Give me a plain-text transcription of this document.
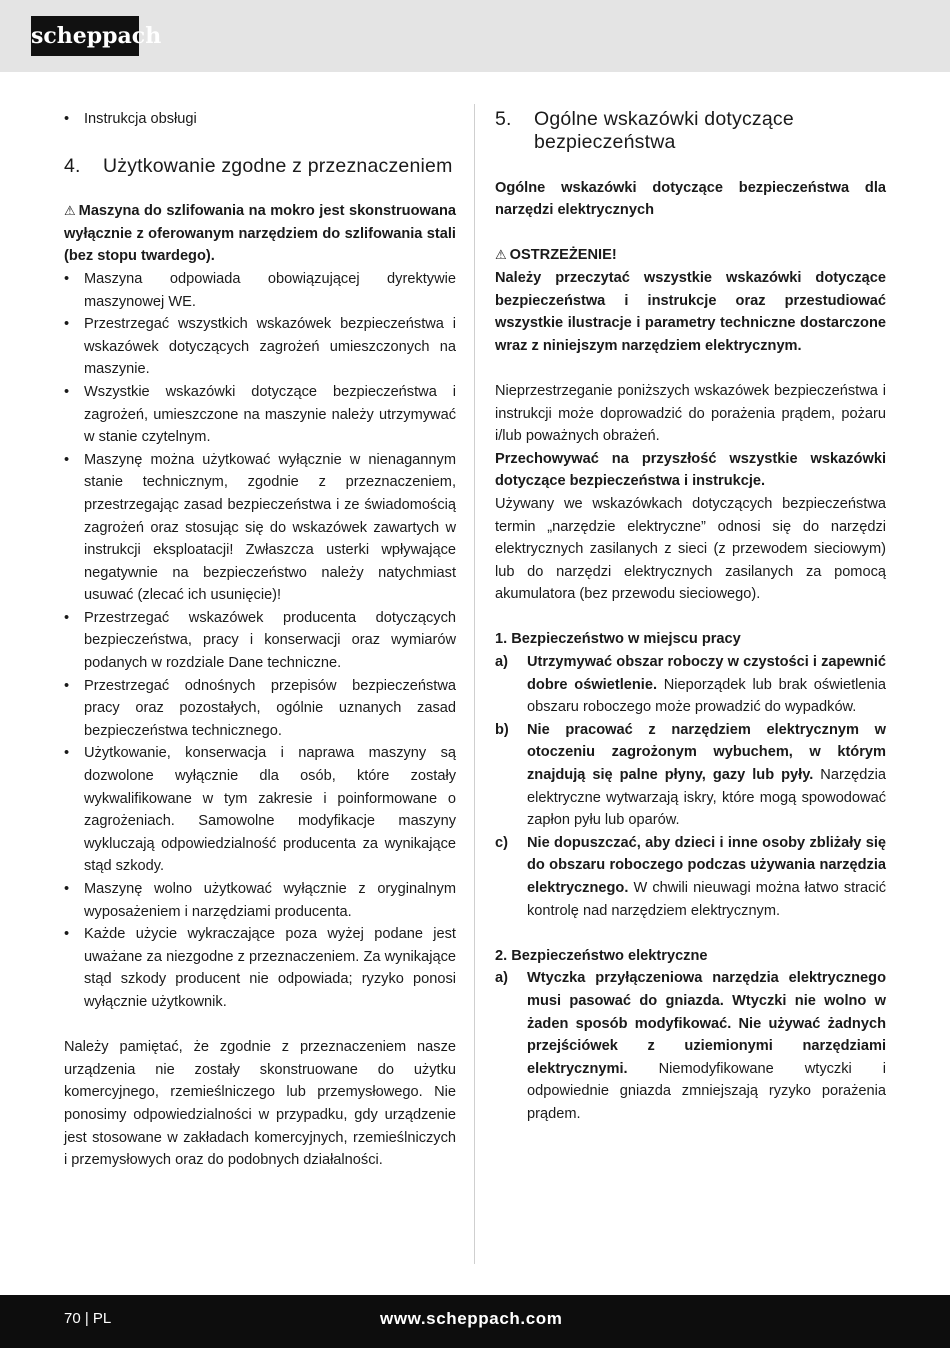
scheppach
• Instrukcja obsługi
4.	Użytkowanie zgodne z przeznaczeniem
⚠ Maszyna do szlifowania na mokro jest skonstruowana wyłącznie z oferowanym narzędziem do szlifowania stali (bez stopu twardego).
• Maszyna odpowiada obowiązującej dyrektywie maszynowej WE.
• Przestrzegać wszystkich wskazówek bezpieczeństwa i wskazówek dotyczących zagrożeń umieszczonych na maszynie.
• Wszystkie wskazówki dotyczące bezpieczeństwa i zagrożeń, umieszczone na maszynie należy utrzymywać w stanie czytelnym.
• Maszynę można użytkować wyłącznie w nienagannym stanie technicznym, zgodnie z przeznaczeniem, przestrzegając zasad bezpieczeństwa i ze świadomością zagrożeń oraz stosując się do wskazówek zawartych w instrukcji eksploatacji! Zwłaszcza usterki wpływające negatywnie na bezpieczeństwo należy natychmiast usuwać (zlecać ich usunięcie)!
• Przestrzegać wskazówek producenta dotyczących bezpieczeństwa, pracy i konserwacji oraz wymiarów podanych w rozdziale Dane techniczne.
• Przestrzegać odnośnych przepisów bezpieczeństwa pracy oraz pozostałych, ogólnie uznanych zasad bezpieczeństwa technicznego.
• Użytkowanie, konserwacja i naprawa maszyny są dozwolone wyłącznie dla osób, które zostały wykwalifikowane w tym zakresie i poinformowane o zagrożeniach. Samowolne modyfikacje maszyny wykluczają odpowiedzialność producenta za wynikające stąd szkody.
• Maszynę wolno użytkować wyłącznie z oryginalnym wyposażeniem i narzędziami producenta.
• Każde użycie wykraczające poza wyżej podane jest uważane za niezgodne z przeznaczeniem. Za wynikające stąd szkody producent nie odpowiada; ryzyko ponosi wyłącznie użytkownik.
Należy pamiętać, że zgodnie z przeznaczeniem nasze urządzenia nie zostały skonstruowane do użytku komercyjnego, rzemieślniczego lub przemysłowego. Nie ponosimy odpowiedzialności w przypadku, gdy urządzenie jest stosowane w zakładach komercyjnych, rzemieślniczych i przemysłowych oraz do podobnych działalności.
5.	Ogólne wskazówki dotyczące bezpieczeństwa
Ogólne wskazówki dotyczące bezpieczeństwa dla narzędzi elektrycznych
⚠ OSTRZEŻENIE!
Należy przeczytać wszystkie wskazówki dotyczące bezpieczeństwa i instrukcje oraz przestudiować wszystkie ilustracje i parametry techniczne dostarczone wraz z niniejszym narzędziem elektrycznym.
Nieprzestrzeganie poniższych wskazówek bezpieczeństwa i instrukcji może doprowadzić do porażenia prądem, pożaru i/lub poważnych obrażeń.
Przechowywać na przyszłość wszystkie wskazówki dotyczące bezpieczeństwa i instrukcje.
Używany we wskazówkach dotyczących bezpieczeństwa termin „narzędzie elektryczne” odnosi się do narzędzi elektrycznych zasilanych z sieci (z przewodem sieciowym) lub do narzędzi elektrycznych zasilanych za pomocą akumulatora (bez przewodu sieciowego).
1. Bezpieczeństwo w miejscu pracy
a)	Utrzymywać obszar roboczy w czystości i zapewnić dobre oświetlenie. Nieporządek lub brak oświetlenia obszaru roboczego może prowadzić do wypadków.
b)	Nie pracować z narzędziem elektrycznym w otoczeniu zagrożonym wybuchem, w którym znajdują się palne płyny, gazy lub pyły. Narzędzia elektryczne wytwarzają iskry, które mogą spowodować zapłon pyłu lub oparów.
c)	Nie dopuszczać, aby dzieci i inne osoby zbliżały się do obszaru roboczego podczas używania narzędzia elektrycznego. W chwili nieuwagi można łatwo stracić kontrolę nad narzędziem elektrycznym.
2. Bezpieczeństwo elektryczne
a)	Wtyczka przyłączeniowa narzędzia elektrycznego musi pasować do gniazda. Wtyczki nie wolno w żaden sposób modyfikować. Nie używać żadnych przejściówek z uziemionymi narzędziami elektrycznymi. Niemodyfikowane wtyczki i odpowiednie gniazda zmniejszają ryzyko porażenia prądem.
70 | PL	www.scheppach.com
